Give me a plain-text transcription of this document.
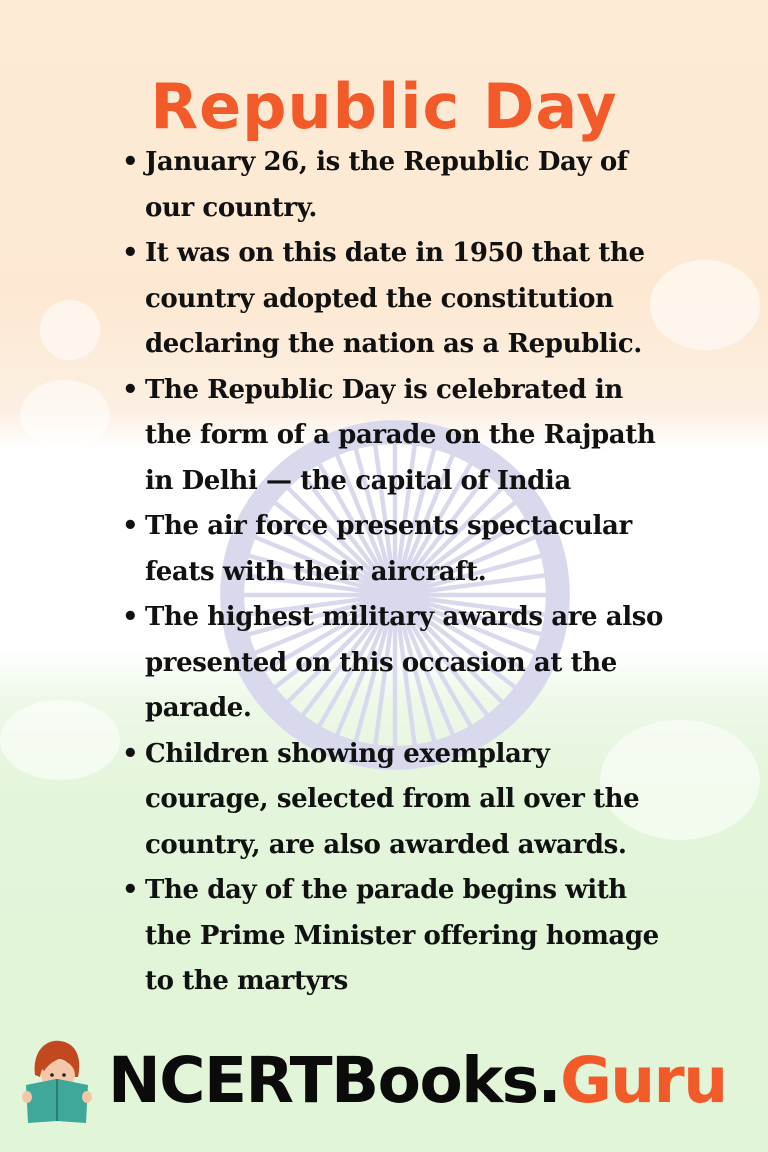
Republic Day
• January 26, is the Republic Day of
our country.
• It was on this date in 1950 that the
country adopted the constitution
declaring the nation as a Republic.
• The Republic Day is celebrated in
the form of a parade on the Rajpath
in Delhi — the capital of India
• The air force presents spectacular
feats with their aircraft.
• The highest military awards are also
presented on this occasion at the
parade.
• Children showing exemplary
courage, selected from all over the
country, are also awarded awards.
• The day of the parade begins with
the Prime Minister offering homage
to the martyrs
NCERTBooks.Guru
